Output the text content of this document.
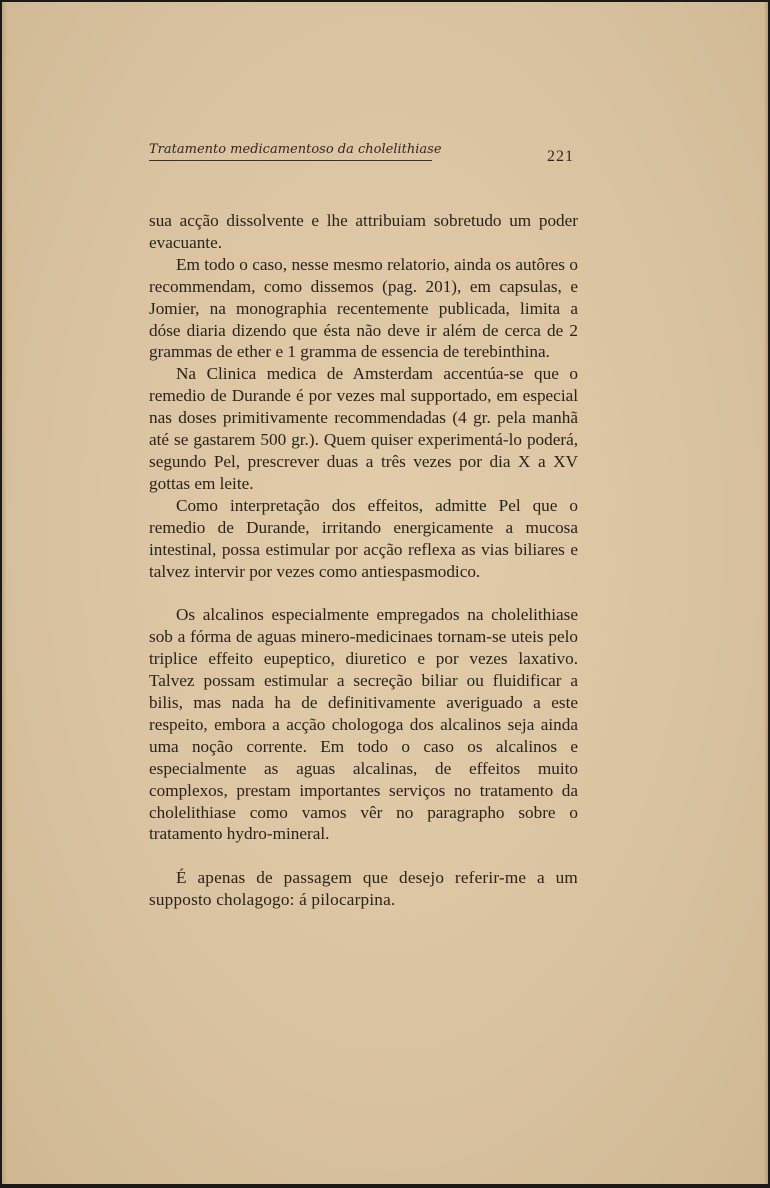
Tratamento medicamentoso da cholelithiase	221

sua acção dissolvente e lhe attribuiam sobretudo um poder evacuante.

Em todo o caso, nesse mesmo relatorio, ainda os autôres o recommendam, como dissemos (pag. 201), em capsulas, e Jomier, na monographia recentemente publicada, limita a dóse diaria dizendo que ésta não deve ir além de cerca de 2 grammas de ether e 1 gramma de essencia de terebinthina.

Na Clinica medica de Amsterdam accentúa-se que o remedio de Durande é por vezes mal supportado, em especial nas doses primitivamente recommendadas (4 gr. pela manhã até se gastarem 500 gr.). Quem quiser experimentá-lo poderá, segundo Pel, prescrever duas a três vezes por dia X a XV gottas em leite.

Como interpretação dos effeitos, admitte Pel que o remedio de Durande, irritando energicamente a mucosa intestinal, possa estimular por acção reflexa as vias biliares e talvez intervir por vezes como antiespasmodico.

Os alcalinos especialmente empregados na cholelithiase sob a fórma de aguas minero-medicinaes tornam-se uteis pelo triplice effeito eupeptico, diuretico e por vezes laxativo. Talvez possam estimular a secreção biliar ou fluidificar a bilis, mas nada ha de definitivamente averiguado a este respeito, embora a acção chologoga dos alcalinos seja ainda uma noção corrente. Em todo o caso os alcalinos e especialmente as aguas alcalinas, de effeitos muito complexos, prestam importantes serviços no tratamento da cholelithiase como vamos vêr no paragrapho sobre o tratamento hydro-mineral.

É apenas de passagem que desejo referir-me a um supposto cholagogo: á pilocarpina.
